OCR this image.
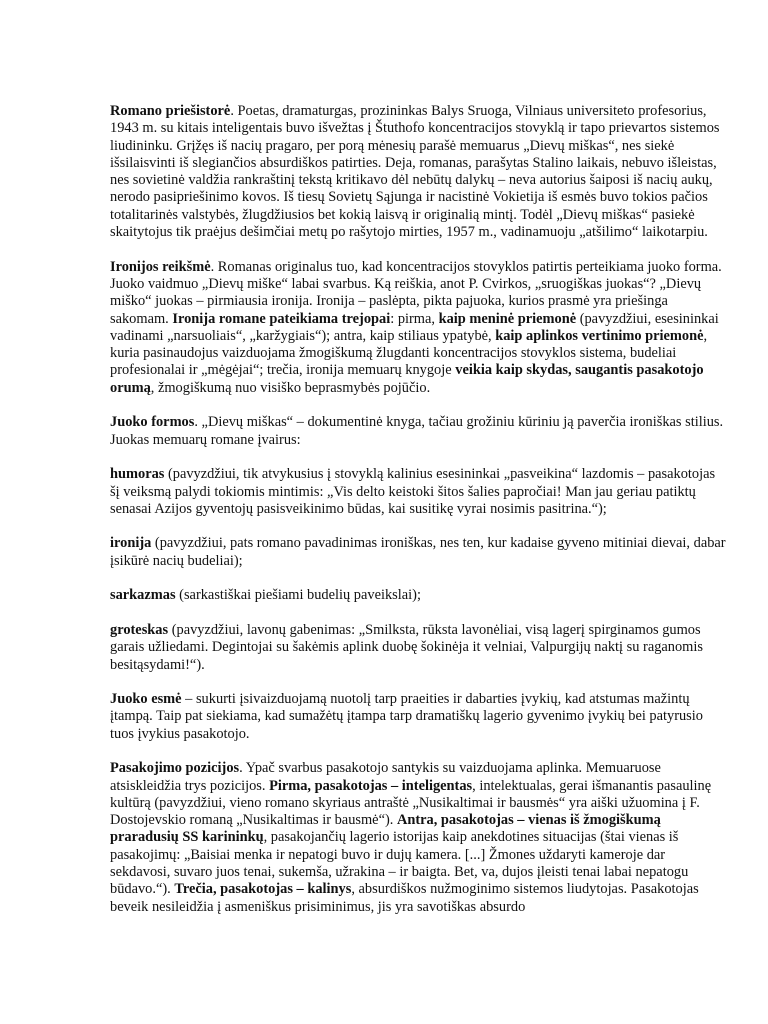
Romano priešistorė. Poetas, dramaturgas, prozininkas Balys Sruoga, Vilniaus universiteto profesorius, 1943 m. su kitais inteligentais buvo išvežtas į Štuthofo koncentracijos stovyklą ir tapo prievartos sistemos liudininku. Grįžęs iš nacių pragaro, per porą mėnesių parašė memuarus „Dievų miškas“, nes siekė išsilaisvinti iš slegiančios absurdiškos patirties. Deja, romanas, parašytas Stalino laikais, nebuvo išleistas, nes sovietinė valdžia rankraštinį tekstą kritikavo dėl nebūtų dalykų – neva autorius šaiposi iš nacių aukų, nerodo pasipriešinimo kovos. Iš tiesų Sovietų Sąjunga ir nacistinė Vokietija iš esmės buvo tokios pačios totalitarinės valstybės, žlugdžiusios bet kokią laisvą ir originalią mintį. Todėl „Dievų miškas“ pasiekė skaitytojus tik praėjus dešimčiai metų po rašytojo mirties, 1957 m., vadinamuoju „atšilimo“ laikotarpiu.

Ironijos reikšmė. Romanas originalus tuo, kad koncentracijos stovyklos patirtis perteikiama juoko forma. Juoko vaidmuo „Dievų miške“ labai svarbus. Ką reiškia, anot P. Cvirkos, „sruogiškas juokas“? „Dievų miško“ juokas – pirmiausia ironija. Ironija – paslėpta, pikta pajuoka, kurios prasmė yra priešinga sakomam. Ironija romane pateikiama trejopai: pirma, kaip meninė priemonė (pavyzdžiui, esesininkai vadinami „narsuoliais“, „karžygiais“); antra, kaip stiliaus ypatybė, kaip aplinkos vertinimo priemonė, kuria pasinaudojus vaizduojama žmogiškumą žlugdanti koncentracijos stovyklos sistema, budeliai profesionalai ir „mėgėjai“; trečia, ironija memuarų knygoje veikia kaip skydas, saugantis pasakotojo orumą, žmogiškumą nuo visiško beprasmybės pojūčio.

Juoko formos. „Dievų miškas“ – dokumentinė knyga, tačiau grožiniu kūriniu ją paverčia ironiškas stilius. Juokas memuarų romane įvairus:

humoras (pavyzdžiui, tik atvykusius į stovyklą kalinius esesininkai „pasveikina“ lazdomis – pasakotojas šį veiksmą palydi tokiomis mintimis: „Vis delto keistoki šitos šalies papročiai! Man jau geriau patiktų senasai Azijos gyventojų pasisveikinimo būdas, kai susitikę vyrai nosimis pasitrina.“);

ironija (pavyzdžiui, pats romano pavadinimas ironiškas, nes ten, kur kadaise gyveno mitiniai dievai, dabar įsikūrė nacių budeliai);

sarkazmas (sarkastiškai piešiami budelių paveikslai);

groteskas (pavyzdžiui, lavonų gabenimas: „Smilksta, rūksta lavonėliai, visą lagerį spirginamos gumos garais užliedami. Degintojai su šakėmis aplink duobę šokinėja it velniai, Valpurgijų naktį su raganomis besitąsydami!“).

Juoko esmė – sukurti įsivaizduojamą nuotolį tarp praeities ir dabarties įvykių, kad atstumas mažintų įtampą. Taip pat siekiama, kad sumažėtų įtampa tarp dramatiškų lagerio gyvenimo įvykių bei patyrusio tuos įvykius pasakotojo.

Pasakojimo pozicijos. Ypač svarbus pasakotojo santykis su vaizduojama aplinka. Memuaruose atsiskleidžia trys pozicijos. Pirma, pasakotojas – inteligentas, intelektualas, gerai išmanantis pasaulinę kultūrą (pavyzdžiui, vieno romano skyriaus antraštė „Nusikaltimai ir bausmės“ yra aiški užuomina į F. Dostojevskio romaną „Nusikaltimas ir bausmė“). Antra, pasakotojas – vienas iš žmogiškumą praradusių SS karininkų, pasakojančių lagerio istorijas kaip anekdotines situacijas (štai vienas iš pasakojimų: „Baisiai menka ir nepatogi buvo ir dujų kamera. [...] Žmones uždaryti kameroje dar sekdavosi, suvaro juos tenai, sukemša, užrakina – ir baigta. Bet, va, dujos įleisti tenai labai nepatogu būdavo.“). Trečia, pasakotojas – kalinys, absurdiškos nužmoginimo sistemos liudytojas. Pasakotojas beveik nesileidžia į asmeniškus prisiminimus, jis yra savotiškas absurdo
